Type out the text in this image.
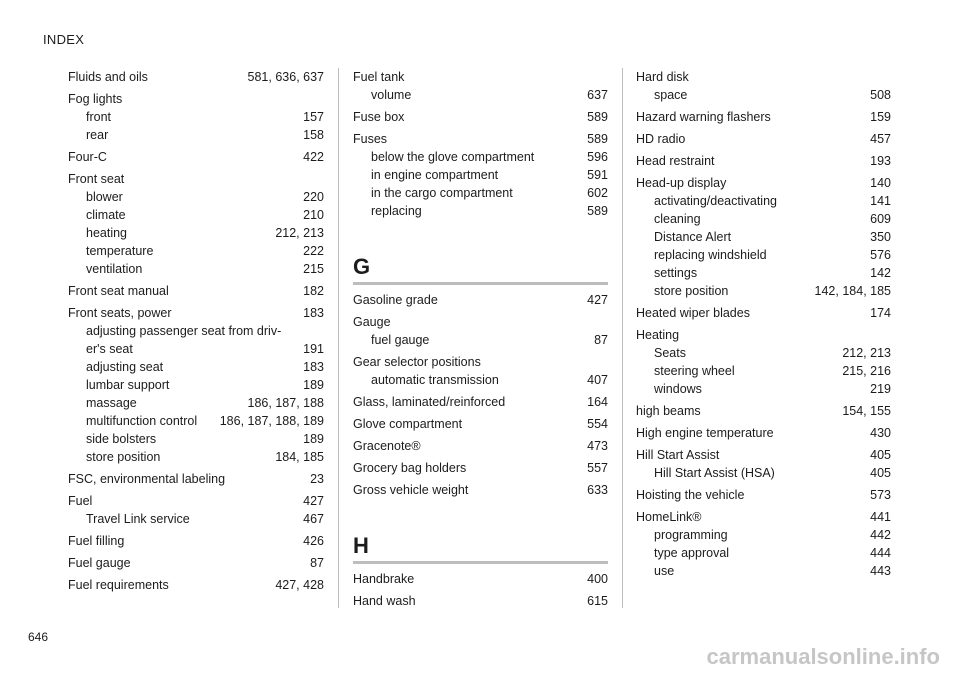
INDEX
Fluids and oils	581, 636, 637
Fog lights
front	157
rear	158
Four-C	422
Front seat
blower	220
climate	210
heating	212, 213
temperature	222
ventilation	215
Front seat manual	182
Front seats, power	183
adjusting passenger seat from driv-
er's seat	191
adjusting seat	183
lumbar support	189
massage	186, 187, 188
multifunction control	186, 187, 188, 189
side bolsters	189
store position	184, 185
FSC, environmental labeling	23
Fuel	427
Travel Link service	467
Fuel filling	426
Fuel gauge	87
Fuel requirements	427, 428
Fuel tank
volume	637
Fuse box	589
Fuses	589
below the glove compartment	596
in engine compartment	591
in the cargo compartment	602
replacing	589
G
Gasoline grade	427
Gauge
fuel gauge	87
Gear selector positions
automatic transmission	407
Glass, laminated/reinforced	164
Glove compartment	554
Gracenote®	473
Grocery bag holders	557
Gross vehicle weight	633
H
Handbrake	400
Hand wash	615
Hard disk
space	508
Hazard warning flashers	159
HD radio	457
Head restraint	193
Head-up display	140
activating/deactivating	141
cleaning	609
Distance Alert	350
replacing windshield	576
settings	142
store position	142, 184, 185
Heated wiper blades	174
Heating
Seats	212, 213
steering wheel	215, 216
windows	219
high beams	154, 155
High engine temperature	430
Hill Start Assist	405
Hill Start Assist (HSA)	405
Hoisting the vehicle	573
HomeLink®	441
programming	442
type approval	444
use	443
646
carmanualsonline.info
